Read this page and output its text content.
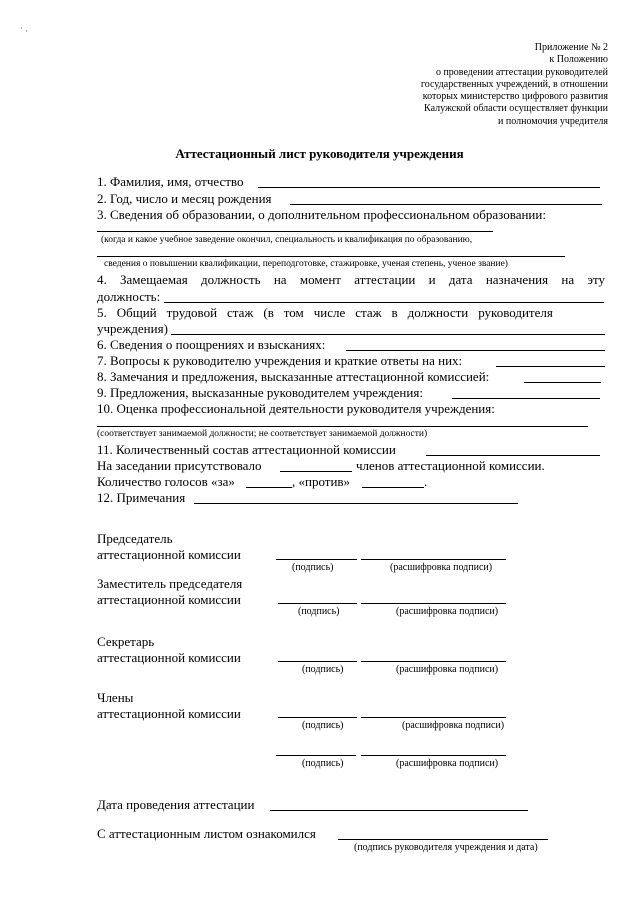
˙ ·
Приложение № 2
к Положению
о проведении аттестации руководителей
государственных учреждений, в отношении
которых министерство цифрового развития
Калужской области осуществляет функции
и полномочия учредителя
Аттестационный лист руководителя учреждения
1. Фамилия, имя, отчество
2. Год, число и месяц рождения
3. Сведения об образовании, о дополнительном профессиональном образовании:
(когда и какое учебное заведение окончил, специальность и квалификация по образованию,
сведения о повышении квалификации, переподготовке, стажировке, ученая степень, ученое звание)
4. Замещаемая должность на момент аттестации и дата назначения на эту
должность:
5. Общий трудовой стаж (в том числе стаж в должности руководителя
учреждения)
6. Сведения о поощрениях и взысканиях:
7. Вопросы к руководителю учреждения и краткие ответы на них:
8. Замечания и предложения, высказанные аттестационной комиссией:
9. Предложения, высказанные руководителем учреждения:
10. Оценка профессиональной деятельности руководителя учреждения:
(соответствует занимаемой должности; не соответствует занимаемой должности)
11. Количественный состав аттестационной комиссии
На заседании присутствовало	членов аттестационной комиссии.
Количество голосов «за»	, «против»	.
12. Примечания
Председатель
аттестационной комиссии
(подпись)	(расшифровка подписи)
Заместитель председателя
аттестационной комиссии
(подпись)	(расшифровка подписи)
Секретарь
аттестационной комиссии
(подпись)	(расшифровка подписи)
Члены
аттестационной комиссии
(подпись)	(расшифровка подписи)
(подпись)	(расшифровка подписи)
Дата проведения аттестации
С аттестационным листом ознакомился
(подпись руководителя учреждения и дата)
